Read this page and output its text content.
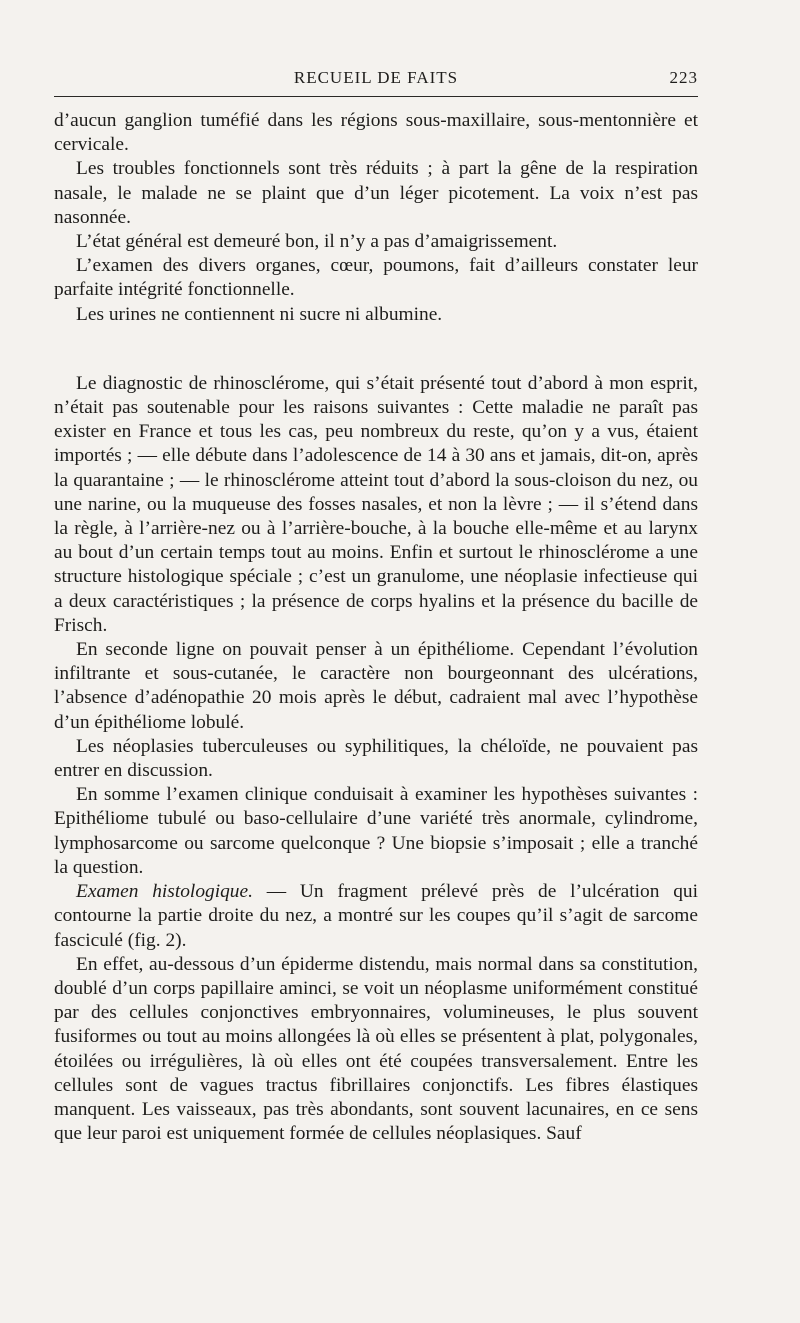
RECUEIL DE FAITS	223

d’aucun ganglion tuméfié dans les régions sous-maxillaire, sous-mentonnière et cervicale.

Les troubles fonctionnels sont très réduits ; à part la gêne de la respiration nasale, le malade ne se plaint que d’un léger picotement. La voix n’est pas nasonnée.

L’état général est demeuré bon, il n’y a pas d’amaigrissement.

L’examen des divers organes, cœur, poumons, fait d’ailleurs constater leur parfaite intégrité fonctionnelle.

Les urines ne contiennent ni sucre ni albumine.

Le diagnostic de rhinosclérome, qui s’était présenté tout d’abord à mon esprit, n’était pas soutenable pour les raisons suivantes : Cette maladie ne paraît pas exister en France et tous les cas, peu nombreux du reste, qu’on y a vus, étaient importés ; — elle débute dans l’adolescence de 14 à 30 ans et jamais, dit-on, après la quarantaine ; — le rhinosclérome atteint tout d’abord la sous-cloison du nez, ou une narine, ou la muqueuse des fosses nasales, et non la lèvre ; — il s’étend dans la règle, à l’arrière-nez ou à l’arrière-bouche, à la bouche elle-même et au larynx au bout d’un certain temps tout au moins. Enfin et surtout le rhinosclérome a une structure histologique spéciale ; c’est un granulome, une néoplasie infectieuse qui a deux caractéristiques ; la présence de corps hyalins et la présence du bacille de Frisch.

En seconde ligne on pouvait penser à un épithéliome. Cependant l’évolution infiltrante et sous-cutanée, le caractère non bourgeonnant des ulcérations, l’absence d’adénopathie 20 mois après le début, cadraient mal avec l’hypothèse d’un épithéliome lobulé.

Les néoplasies tuberculeuses ou syphilitiques, la chéloïde, ne pouvaient pas entrer en discussion.

En somme l’examen clinique conduisait à examiner les hypothèses suivantes : Epithéliome tubulé ou baso-cellulaire d’une variété très anormale, cylindrome, lymphosarcome ou sarcome quelconque ? Une biopsie s’imposait ; elle a tranché la question.

Examen histologique. — Un fragment prélevé près de l’ulcération qui contourne la partie droite du nez, a montré sur les coupes qu’il s’agit de sarcome fasciculé (fig. 2).

En effet, au-dessous d’un épiderme distendu, mais normal dans sa constitution, doublé d’un corps papillaire aminci, se voit un néoplasme uniformément constitué par des cellules conjonctives embryonnaires, volumineuses, le plus souvent fusiformes ou tout au moins allongées là où elles se présentent à plat, polygonales, étoilées ou irrégulières, là où elles ont été coupées transversalement. Entre les cellules sont de vagues tractus fibrillaires conjonctifs. Les fibres élastiques manquent. Les vaisseaux, pas très abondants, sont souvent lacunaires, en ce sens que leur paroi est uniquement formée de cellules néoplasiques. Sauf
